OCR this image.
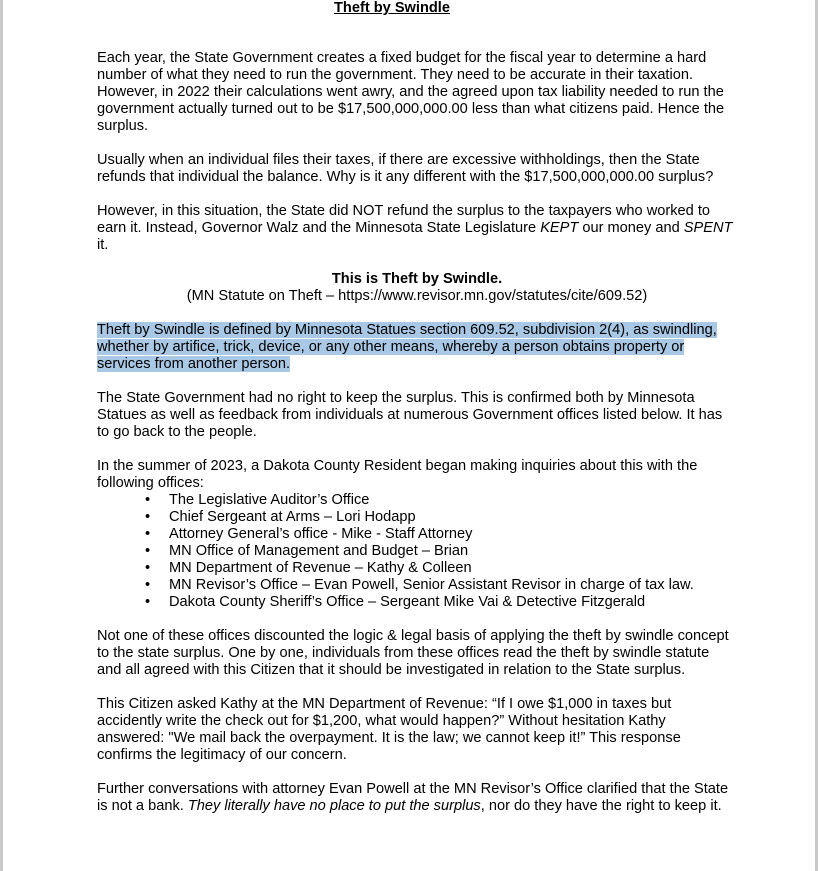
Theft by Swindle

Each year, the State Government creates a fixed budget for the fiscal year to determine a hard number of what they need to run the government. They need to be accurate in their taxation. However, in 2022 their calculations went awry, and the agreed upon tax liability needed to run the government actually turned out to be $17,500,000,000.00 less than what citizens paid. Hence the surplus.

Usually when an individual files their taxes, if there are excessive withholdings, then the State refunds that individual the balance. Why is it any different with the $17,500,000,000.00 surplus?

However, in this situation, the State did NOT refund the surplus to the taxpayers who worked to earn it. Instead, Governor Walz and the Minnesota State Legislature KEPT our money and SPENT it.

This is Theft by Swindle.

(MN Statute on Theft – https://www.revisor.mn.gov/statutes/cite/609.52)

Theft by Swindle is defined by Minnesota Statues section 609.52, subdivision 2(4), as swindling, whether by artifice, trick, device, or any other means, whereby a person obtains property or services from another person.

The State Government had no right to keep the surplus. This is confirmed both by Minnesota Statues as well as feedback from individuals at numerous Government offices listed below. It has to go back to the people.

In the summer of 2023, a Dakota County Resident began making inquiries about this with the following offices:

• The Legislative Auditor’s Office
• Chief Sergeant at Arms – Lori Hodapp
• Attorney General’s office - Mike - Staff Attorney
• MN Office of Management and Budget – Brian
• MN Department of Revenue – Kathy & Colleen
• MN Revisor’s Office – Evan Powell, Senior Assistant Revisor in charge of tax law.
• Dakota County Sheriff’s Office – Sergeant Mike Vai & Detective Fitzgerald

Not one of these offices discounted the logic & legal basis of applying the theft by swindle concept to the state surplus. One by one, individuals from these offices read the theft by swindle statute and all agreed with this Citizen that it should be investigated in relation to the State surplus.

This Citizen asked Kathy at the MN Department of Revenue: “If I owe $1,000 in taxes but accidently write the check out for $1,200, what would happen?” Without hesitation Kathy answered: "We mail back the overpayment. It is the law; we cannot keep it!” This response confirms the legitimacy of our concern.

Further conversations with attorney Evan Powell at the MN Revisor’s Office clarified that the State is not a bank. They literally have no place to put the surplus, nor do they have the right to keep it.
